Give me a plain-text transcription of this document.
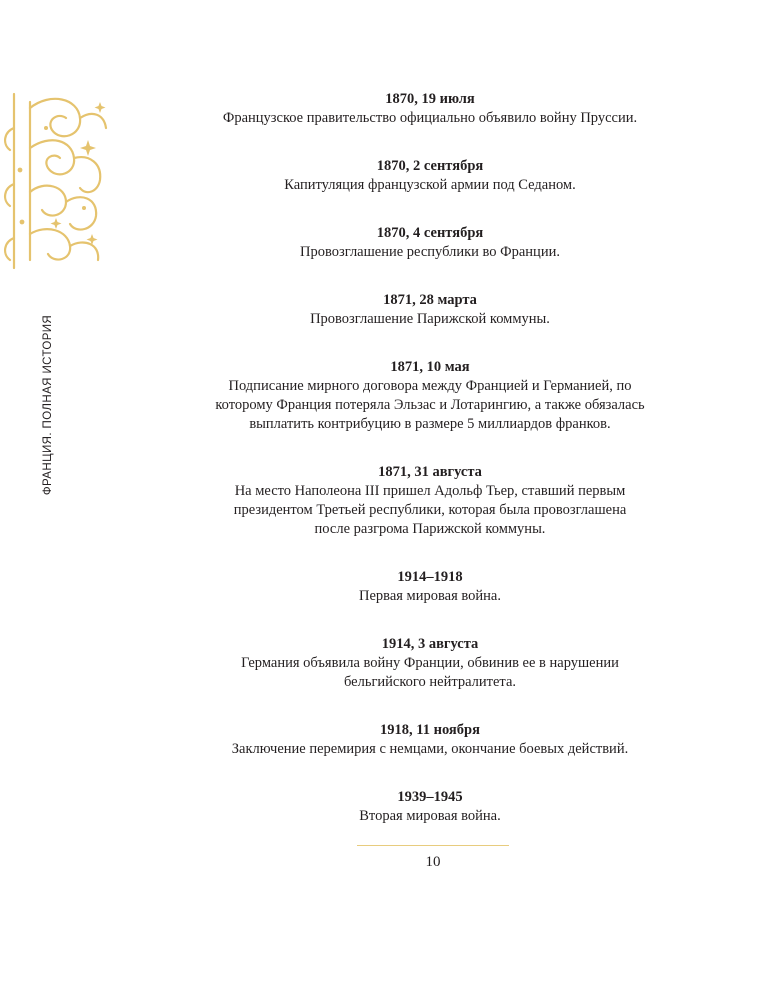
ФРАНЦИЯ. ПОЛНАЯ ИСТОРИЯ
1870, 19 июля
Французское правительство официально объявило войну Пруссии.
1870, 2 сентября
Капитуляция французской армии под Седаном.
1870, 4 сентября
Провозглашение республики во Франции.
1871, 28 марта
Провозглашение Парижской коммуны.
1871, 10 мая
Подписание мирного договора между Францией и Германией, по
которому Франция потеряла Эльзас и Лотарингию, а также обязалась
выплатить контрибуцию в размере 5 миллиардов франков.
1871, 31 августа
На место Наполеона III пришел Адольф Тьер, ставший первым
президентом Третьей республики, которая была провозглашена
после разгрома Парижской коммуны.
1914–1918
Первая мировая война.
1914, 3 августа
Германия объявила войну Франции, обвинив ее в нарушении
бельгийского нейтралитета.
1918, 11 ноября
Заключение перемирия с немцами, окончание боевых действий.
1939–1945
Вторая мировая война.
10
